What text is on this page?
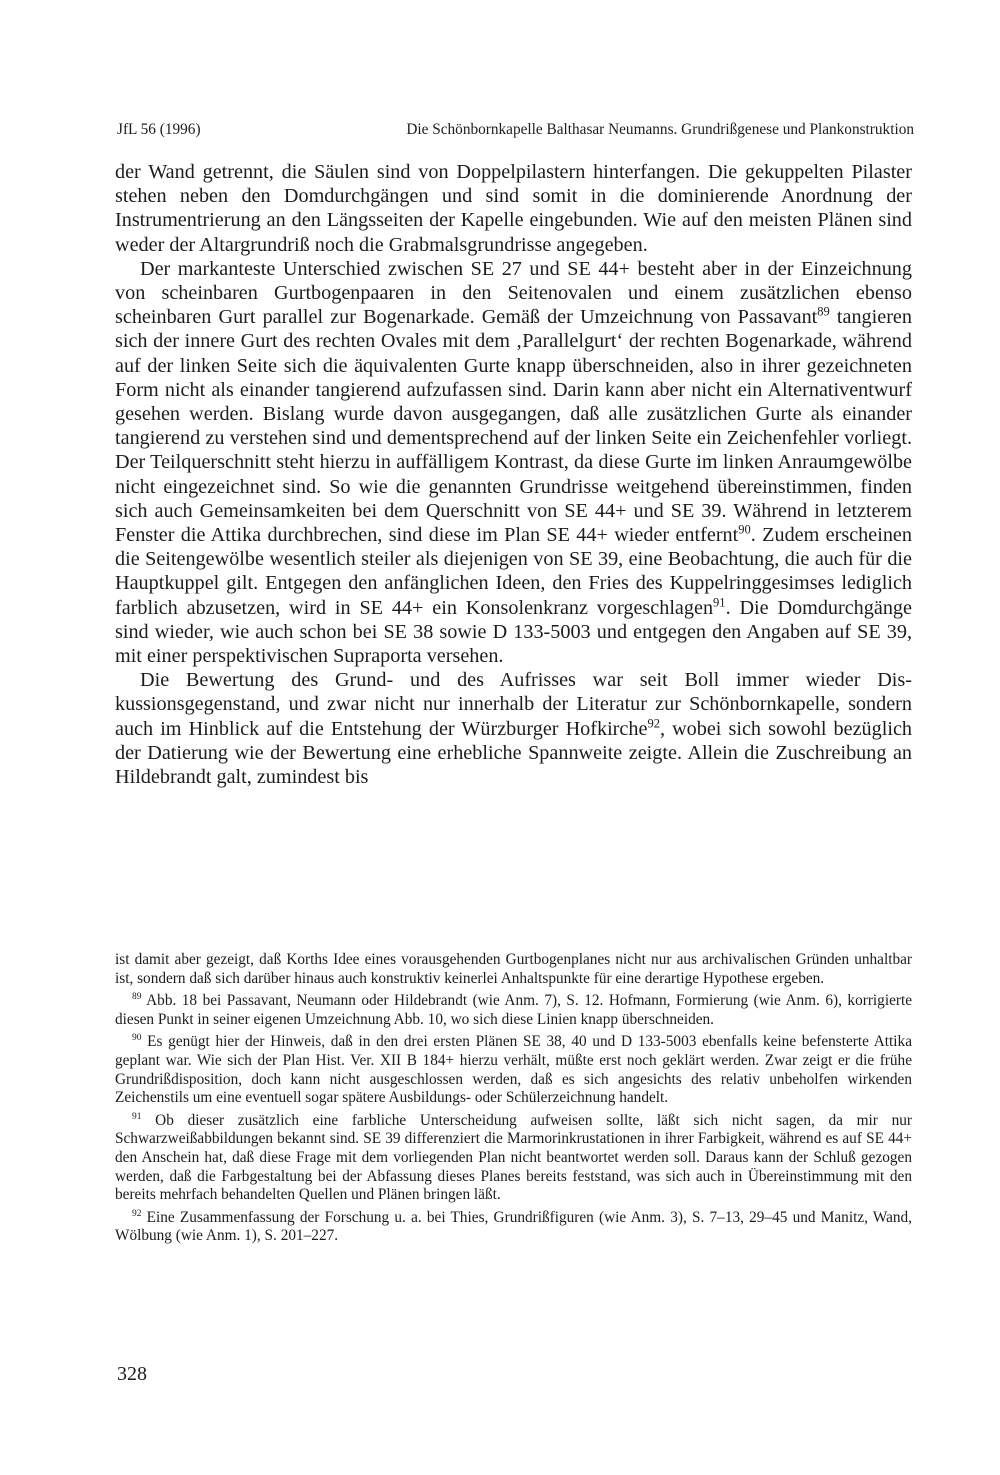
JfL 56 (1996)	Die Schönbornkapelle Balthasar Neumanns. Grundrißgenese und Plankonstruktion

der Wand getrennt, die Säulen sind von Doppelpilastern hinterfangen. Die gekuppelten Pilaster stehen neben den Domdurchgängen und sind somit in die dominierende Anordnung der Instrumentrierung an den Längsseiten der Kapelle eingebunden. Wie auf den meisten Plänen sind weder der Altargrundriß noch die Grabmalsgrundrisse angegeben.

Der markanteste Unterschied zwischen SE 27 und SE 44+ besteht aber in der Einzeichnung von scheinbaren Gurtbogenpaaren in den Seitenovalen und einem zusätzlichen ebenso scheinbaren Gurt parallel zur Bogenarkade. Gemäß der Umzeichnung von Passavant$^{89}$ tangieren sich der innere Gurt des rechten Ovales mit dem ‚Parallelgurt‘ der rechten Bogenarkade, während auf der linken Seite sich die äquivalenten Gurte knapp überschneiden, also in ihrer gezeichneten Form nicht als einander tangierend aufzufassen sind. Darin kann aber nicht ein Alternativentwurf gesehen werden. Bislang wurde davon ausgegangen, daß alle zusätzlichen Gurte als einander tangierend zu verstehen sind und dementsprechend auf der linken Seite ein Zeichenfehler vorliegt. Der Teilquerschnitt steht hierzu in auffälligem Kontrast, da diese Gurte im linken Anraumgewölbe nicht eingezeichnet sind. So wie die genannten Grundrisse weitgehend übereinstimmen, finden sich auch Gemeinsamkeiten bei dem Querschnitt von SE 44+ und SE 39. Während in letzterem Fenster die Attika durchbrechen, sind diese im Plan SE 44+ wieder entfernt$^{90}$. Zudem erscheinen die Seitengewölbe wesentlich steiler als diejenigen von SE 39, eine Beobachtung, die auch für die Hauptkuppel gilt. Entgegen den anfänglichen Ideen, den Fries des Kuppelringgesimses lediglich farblich abzusetzen, wird in SE 44+ ein Konsolenkranz vorgeschlagen$^{91}$. Die Domdurchgänge sind wieder, wie auch schon bei SE 38 sowie D 133-5003 und entgegen den Angaben auf SE 39, mit einer perspektivischen Supraporta versehen.

Die Bewertung des Grund- und des Aufrisses war seit Boll immer wieder Diskussionsgegenstand, und zwar nicht nur innerhalb der Literatur zur Schönbornkapelle, sondern auch im Hinblick auf die Entstehung der Würzburger Hofkirche$^{92}$, wobei sich sowohl bezüglich der Datierung wie der Bewertung eine erhebliche Spannweite zeigte. Allein die Zuschreibung an Hildebrandt galt, zumindest bis

ist damit aber gezeigt, daß Korths Idee eines vorausgehenden Gurtbogenplanes nicht nur aus archivalischen Gründen unhaltbar ist, sondern daß sich darüber hinaus auch konstruktiv keinerlei Anhaltspunkte für eine derartige Hypothese ergeben.

$^{89}$ Abb. 18 bei Passavant, Neumann oder Hildebrandt (wie Anm. 7), S. 12. Hofmann, Formierung (wie Anm. 6), korrigierte diesen Punkt in seiner eigenen Umzeichnung Abb. 10, wo sich diese Linien knapp überschneiden.

$^{90}$ Es genügt hier der Hinweis, daß in den drei ersten Plänen SE 38, 40 und D 133-5003 ebenfalls keine befensterte Attika geplant war. Wie sich der Plan Hist. Ver. XII B 184+ hierzu verhält, müßte erst noch geklärt werden. Zwar zeigt er die frühe Grundrißdisposition, doch kann nicht ausgeschlossen werden, daß es sich angesichts des relativ unbeholfen wirkenden Zeichenstils um eine eventuell sogar spätere Ausbildungs- oder Schülerzeichnung handelt.

$^{91}$ Ob dieser zusätzlich eine farbliche Unterscheidung aufweisen sollte, läßt sich nicht sagen, da mir nur Schwarzweißabbildungen bekannt sind. SE 39 differenziert die Marmorinkrustationen in ihrer Farbigkeit, während es auf SE 44+ den Anschein hat, daß diese Frage mit dem vorliegenden Plan nicht beantwortet werden soll. Daraus kann der Schluß gezogen werden, daß die Farbgestaltung bei der Abfassung dieses Planes bereits feststand, was sich auch in Übereinstimmung mit den bereits mehrfach behandelten Quellen und Plänen bringen läßt.

$^{92}$ Eine Zusammenfassung der Forschung u. a. bei Thies, Grundrißfiguren (wie Anm. 3), S. 7–13, 29–45 und Manitz, Wand, Wölbung (wie Anm. 1), S. 201–227.

328
